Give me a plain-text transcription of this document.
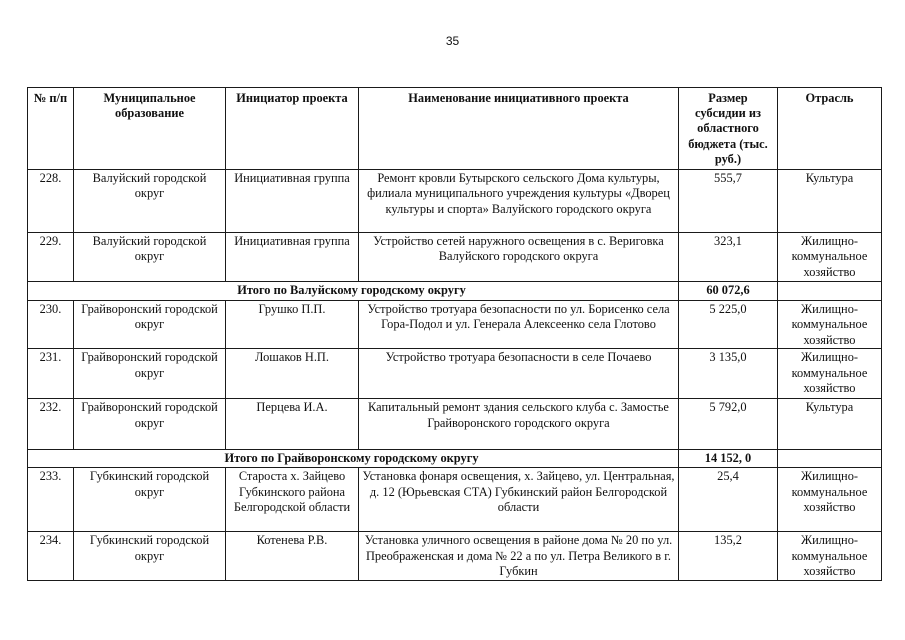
35
№ п/п	Муниципальное образование	Инициатор проекта	Наименование инициативного проекта	Размер субсидии из областного бюджета (тыс. руб.)	Отрасль
228.	Валуйский городской округ	Инициативная группа	Ремонт кровли Бутырского сельского Дома культуры, филиала муниципального учреждения культуры «Дворец культуры и спорта» Валуйского городского округа	555,7	Культура
229.	Валуйский городской округ	Инициативная группа	Устройство сетей наружного освещения в с. Вериговка Валуйского городского округа	323,1	Жилищно-коммунальное хозяйство
Итого по Валуйскому городскому округу				60 072,6	
230.	Грайворонский городской округ	Грушко П.П.	Устройство тротуара безопасности по ул. Борисенко села Гора-Подол и ул. Генерала Алексеенко села Глотово	5 225,0	Жилищно-коммунальное хозяйство
231.	Грайворонский городской округ	Лошаков Н.П.	Устройство тротуара безопасности в селе Почаево	3 135,0	Жилищно-коммунальное хозяйство
232.	Грайворонский городской округ	Перцева И.А.	Капитальный ремонт здания сельского клуба с. Замостье Грайворонского городского округа	5 792,0	Культура
Итого по Грайворонскому городскому округу				14 152, 0	
233.	Губкинский городской округ	Староста х. Зайцево Губкинского района Белгородской области	Установка фонаря освещения, х. Зайцево, ул. Центральная, д. 12 (Юрьевская СТА) Губкинский район Белгородской области	25,4	Жилищно-коммунальное хозяйство
234.	Губкинский городской округ	Котенева Р.В.	Установка уличного освещения в районе дома № 20 по ул. Преображенская и дома № 22 а по ул. Петра Великого в г. Губкин	135,2	Жилищно-коммунальное хозяйство
